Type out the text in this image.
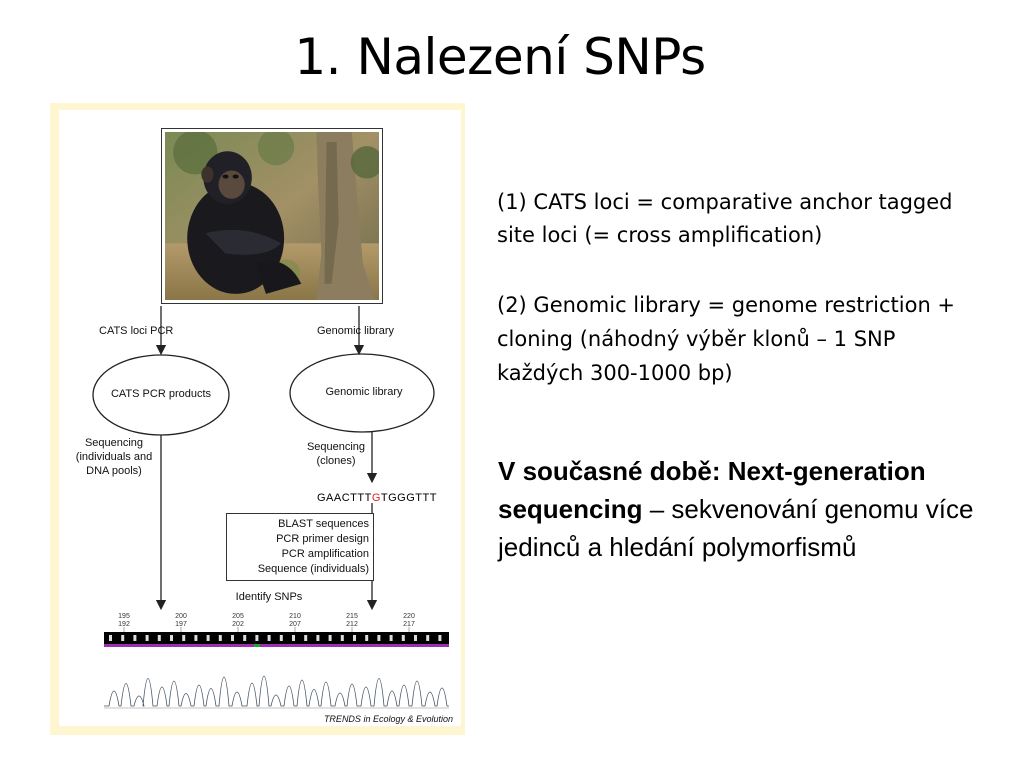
1. Nalezení SNPs
CATS loci PCR	Genomic library
CATS PCR products	Genomic library
Sequencing
(individuals and
DNA pools)
Sequencing
(clones)
GAACTTTGTGGGTTT
BLAST sequences
PCR primer design
PCR amplification
Sequence (individuals)
Identify SNPs
195	200	205	210	215	220
192	197	202	207	212	217
TRENDS in Ecology & Evolution
(1) CATS loci = comparative anchor tagged site loci (= cross amplification)
(2) Genomic library = genome restriction + cloning (náhodný výběr klonů – 1 SNP každých 300-1000 bp)
V současné době: Next-generation sequencing – sekvenování genomu více jedinců a hledání polymorfismů
